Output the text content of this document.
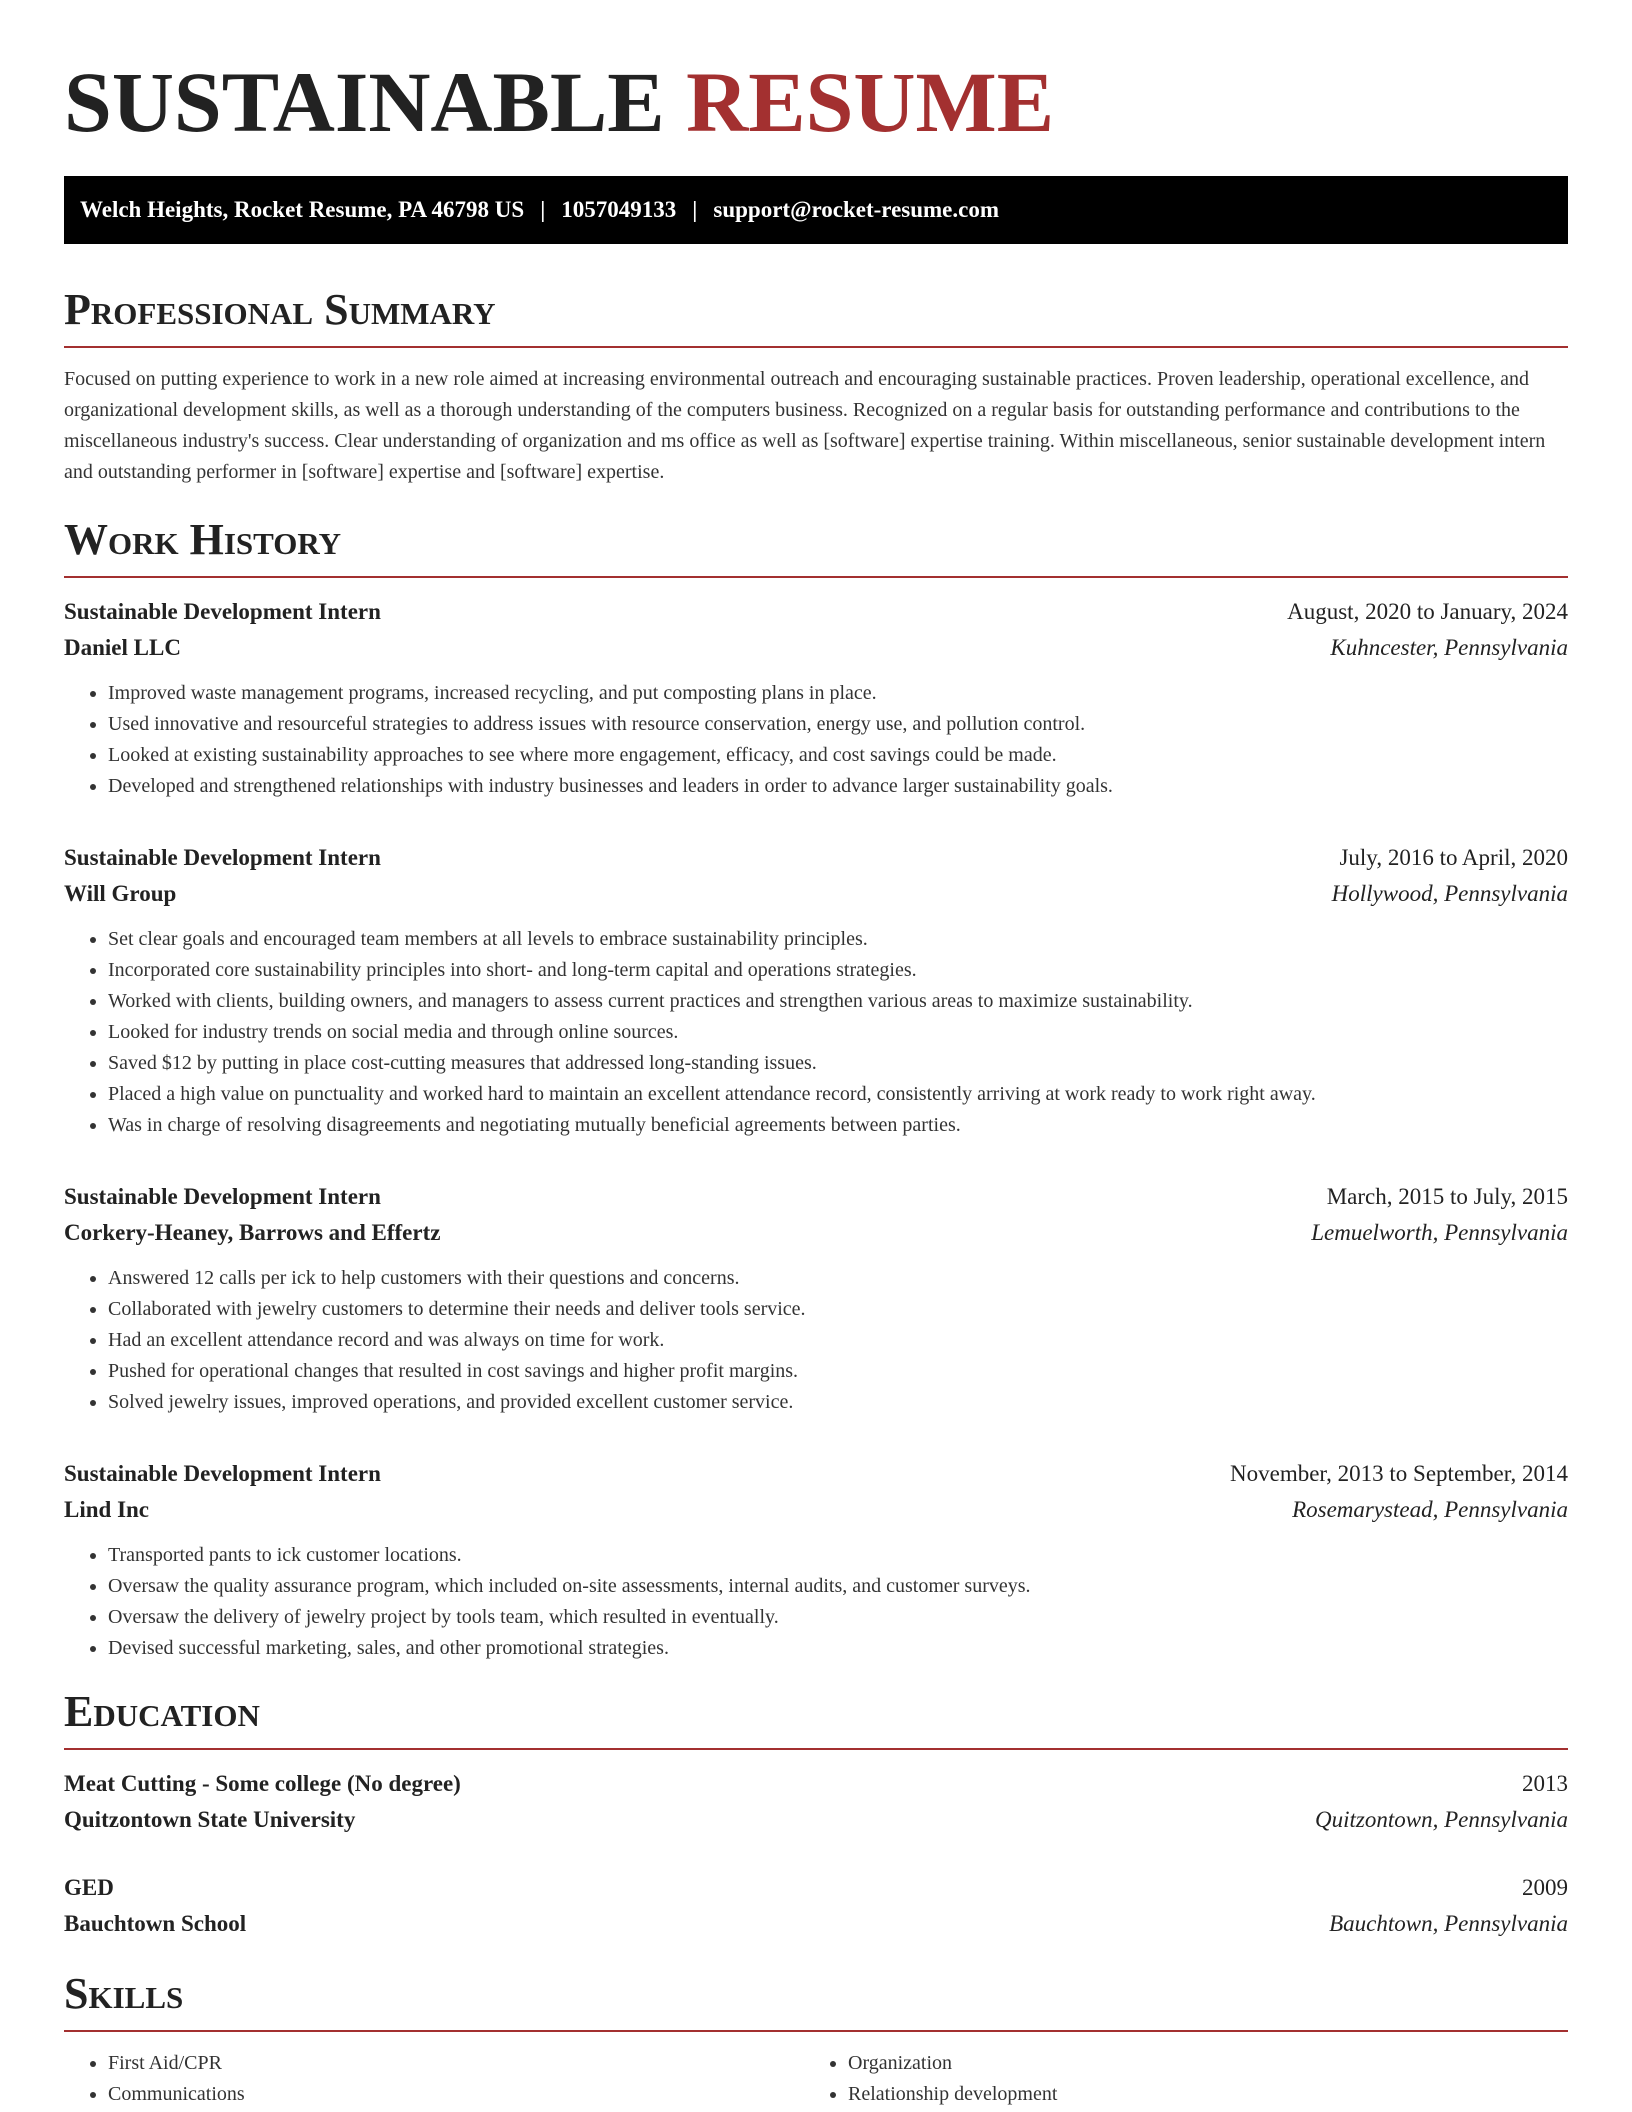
SUSTAINABLE RESUME
Welch Heights, Rocket Resume, PA 46798 US | 1057049133 | support@rocket-resume.com
Professional Summary
Focused on putting experience to work in a new role aimed at increasing environmental outreach and encouraging sustainable practices. Proven leadership, operational excellence, and organizational development skills, as well as a thorough understanding of the computers business. Recognized on a regular basis for outstanding performance and contributions to the miscellaneous industry's success. Clear understanding of organization and ms office as well as [software] expertise training. Within miscellaneous, senior sustainable development intern and outstanding performer in [software] expertise and [software] expertise.
Work History
Sustainable Development Intern	August, 2020 to January, 2024
Daniel LLC	Kuhncester, Pennsylvania
• Improved waste management programs, increased recycling, and put composting plans in place.
• Used innovative and resourceful strategies to address issues with resource conservation, energy use, and pollution control.
• Looked at existing sustainability approaches to see where more engagement, efficacy, and cost savings could be made.
• Developed and strengthened relationships with industry businesses and leaders in order to advance larger sustainability goals.
Sustainable Development Intern	July, 2016 to April, 2020
Will Group	Hollywood, Pennsylvania
• Set clear goals and encouraged team members at all levels to embrace sustainability principles.
• Incorporated core sustainability principles into short- and long-term capital and operations strategies.
• Worked with clients, building owners, and managers to assess current practices and strengthen various areas to maximize sustainability.
• Looked for industry trends on social media and through online sources.
• Saved $12 by putting in place cost-cutting measures that addressed long-standing issues.
• Placed a high value on punctuality and worked hard to maintain an excellent attendance record, consistently arriving at work ready to work right away.
• Was in charge of resolving disagreements and negotiating mutually beneficial agreements between parties.
Sustainable Development Intern	March, 2015 to July, 2015
Corkery-Heaney, Barrows and Effertz	Lemuelworth, Pennsylvania
• Answered 12 calls per ick to help customers with their questions and concerns.
• Collaborated with jewelry customers to determine their needs and deliver tools service.
• Had an excellent attendance record and was always on time for work.
• Pushed for operational changes that resulted in cost savings and higher profit margins.
• Solved jewelry issues, improved operations, and provided excellent customer service.
Sustainable Development Intern	November, 2013 to September, 2014
Lind Inc	Rosemarystead, Pennsylvania
• Transported pants to ick customer locations.
• Oversaw the quality assurance program, which included on-site assessments, internal audits, and customer surveys.
• Oversaw the delivery of jewelry project by tools team, which resulted in eventually.
• Devised successful marketing, sales, and other promotional strategies.
Education
Meat Cutting - Some college (No degree)	2013
Quitzontown State University	Quitzontown, Pennsylvania
GED	2009
Bauchtown School	Bauchtown, Pennsylvania
Skills
• First Aid/CPR
• Communications
• Organization
• Relationship development
